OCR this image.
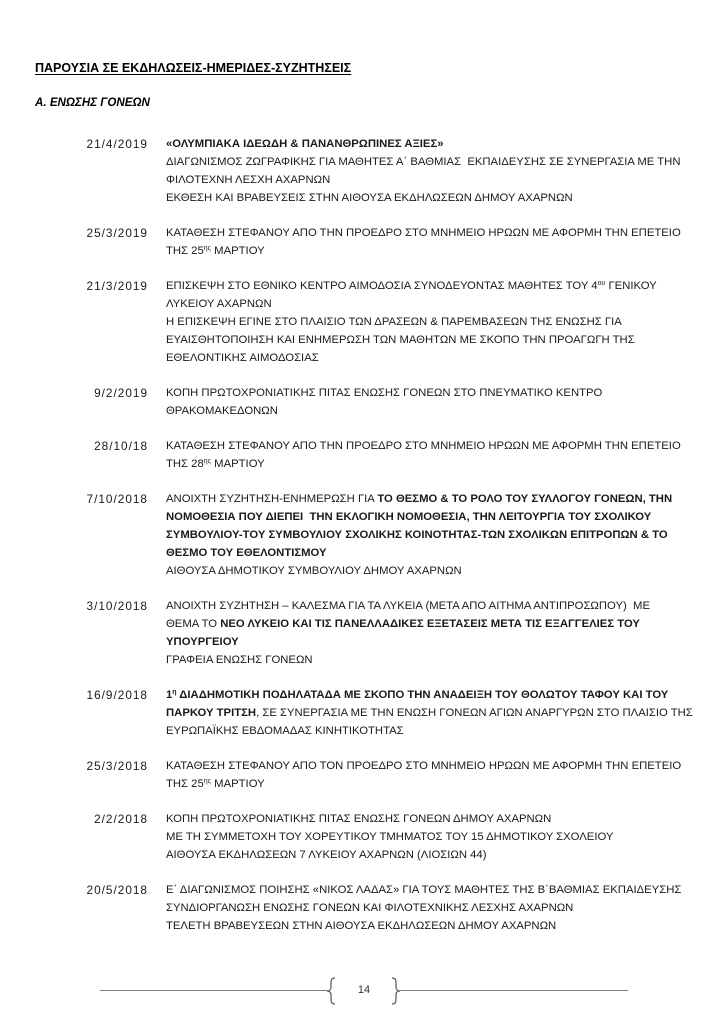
ΠΑΡΟΥΣΙΑ ΣΕ ΕΚΔΗΛΩΣΕΙΣ-ΗΜΕΡΙΔΕΣ-ΣΥΖΗΤΗΣΕΙΣ
Α. ΕΝΩΣΗΣ ΓΟΝΕΩΝ
21/4/2019 «ΟΛΥΜΠΙΑΚΑ ΙΔΕΩΔΗ & ΠΑΝΑΝΘΡΩΠΙΝΕΣ ΑΞΙΕΣ»
ΔΙΑΓΩΝΙΣΜΟΣ ΖΩΓΡΑΦΙΚΗΣ ΓΙΑ ΜΑΘΗΤΕΣ Α΄ ΒΑΘΜΙΑΣ  ΕΚΠΑΙΔΕΥΣΗΣ ΣΕ ΣΥΝΕΡΓΑΣΙΑ ΜΕ ΤΗΝ
ΦΙΛΟΤΕΧΝΗ ΛΕΣΧΗ ΑΧΑΡΝΩΝ
ΕΚΘΕΣΗ ΚΑΙ ΒΡΑΒΕΥΣΕΙΣ ΣΤΗΝ ΑΙΘΟΥΣΑ ΕΚΔΗΛΩΣΕΩΝ ΔΗΜΟΥ ΑΧΑΡΝΩΝ
25/3/2019 ΚΑΤΑΘΕΣΗ ΣΤΕΦΑΝΟΥ ΑΠΟ ΤΗΝ ΠΡΟΕΔΡΟ ΣΤΟ ΜΝΗΜΕΙΟ ΗΡΩΩΝ ΜΕ ΑΦΟΡΜΗ ΤΗΝ ΕΠΕΤΕΙΟ
ΤΗΣ $25^{\eta\varsigma}$ ΜΑΡΤΙΟΥ
21/3/2019 ΕΠΙΣΚΕΨΗ ΣΤΟ ΕΘΝΙΚΟ ΚΕΝΤΡΟ ΑΙΜΟΔΟΣΙΑ ΣΥΝΟΔΕΥΟΝΤΑΣ ΜΑΘΗΤΕΣ ΤΟΥ $4^{o\upsilon}$ ΓΕΝΙΚΟΥ
ΛΥΚΕΙΟΥ ΑΧΑΡΝΩΝ
Η ΕΠΙΣΚΕΨΗ ΕΓΙΝΕ ΣΤΟ ΠΛΑΙΣΙΟ ΤΩΝ ΔΡΑΣΕΩΝ & ΠΑΡΕΜΒΑΣΕΩΝ ΤΗΣ ΕΝΩΣΗΣ ΓΙΑ
ΕΥΑΙΣΘΗΤΟΠΟΙΗΣΗ ΚΑΙ ΕΝΗΜΕΡΩΣΗ ΤΩΝ ΜΑΘΗΤΩΝ ΜΕ ΣΚΟΠΟ ΤΗΝ ΠΡΟΑΓΩΓΗ ΤΗΣ
ΕΘΕΛΟΝΤΙΚΗΣ ΑΙΜΟΔΟΣΙΑΣ
9/2/2019 ΚΟΠΗ ΠΡΩΤΟΧΡΟΝΙΑΤΙΚΗΣ ΠΙΤΑΣ ΕΝΩΣΗΣ ΓΟΝΕΩΝ ΣΤΟ ΠΝΕΥΜΑΤΙΚΟ ΚΕΝΤΡΟ
ΘΡΑΚΟΜΑΚΕΔΟΝΩΝ
28/10/18 ΚΑΤΑΘΕΣΗ ΣΤΕΦΑΝΟΥ ΑΠΟ ΤΗΝ ΠΡΟΕΔΡΟ ΣΤΟ ΜΝΗΜΕΙΟ ΗΡΩΩΝ ΜΕ ΑΦΟΡΜΗ ΤΗΝ ΕΠΕΤΕΙΟ
ΤΗΣ $28^{\eta\varsigma}$ ΜΑΡΤΙΟΥ
7/10/2018 ΑΝΟΙΧΤΗ ΣΥΖΗΤΗΣΗ-ΕΝΗΜΕΡΩΣΗ ΓΙΑ ΤΟ ΘΕΣΜΟ & ΤΟ ΡΟΛΟ ΤΟΥ ΣΥΛΛΟΓΟΥ ΓΟΝΕΩΝ, ΤΗΝ
ΝΟΜΟΘΕΣΙΑ ΠΟΥ ΔΙΕΠΕΙ  ΤΗΝ ΕΚΛΟΓΙΚΗ ΝΟΜΟΘΕΣΙΑ, ΤΗΝ ΛΕΙΤΟΥΡΓΙΑ ΤΟΥ ΣΧΟΛΙΚΟΥ
ΣΥΜΒΟΥΛΙΟΥ-ΤΟΥ ΣΥΜΒΟΥΛΙΟΥ ΣΧΟΛΙΚΗΣ ΚΟΙΝΟΤΗΤΑΣ-ΤΩΝ ΣΧΟΛΙΚΩΝ ΕΠΙΤΡΟΠΩΝ & ΤΟ
ΘΕΣΜΟ ΤΟΥ ΕΘΕΛΟΝΤΙΣΜΟΥ
ΑΙΘΟΥΣΑ ΔΗΜΟΤΙΚΟΥ ΣΥΜΒΟΥΛΙΟΥ ΔΗΜΟΥ ΑΧΑΡΝΩΝ
3/10/2018 ΑΝΟΙΧΤΗ ΣΥΖΗΤΗΣΗ – ΚΑΛΕΣΜΑ ΓΙΑ ΤΑ ΛΥΚΕΙΑ (ΜΕΤΑ ΑΠΟ ΑΙΤΗΜΑ ΑΝΤΙΠΡΟΣΩΠΟΥ)  ΜΕ
ΘΕΜΑ ΤΟ ΝΕΟ ΛΥΚΕΙΟ ΚΑΙ ΤΙΣ ΠΑΝΕΛΛΑΔΙΚΕΣ ΕΞΕΤΑΣΕΙΣ ΜΕΤΑ ΤΙΣ ΕΞΑΓΓΕΛΙΕΣ ΤΟΥ
ΥΠΟΥΡΓΕΙΟΥ
ΓΡΑΦΕΙΑ ΕΝΩΣΗΣ ΓΟΝΕΩΝ
16/9/2018 $1^\eta$ ΔΙΑΔΗΜΟΤΙΚΗ ΠΟΔΗΛΑΤΑΔΑ ΜΕ ΣΚΟΠΟ ΤΗΝ ΑΝΑΔΕΙΞΗ ΤΟΥ ΘΟΛΩΤΟΥ ΤΑΦΟΥ ΚΑΙ ΤΟΥ
ΠΑΡΚΟΥ ΤΡΙΤΣΗ, ΣΕ ΣΥΝΕΡΓΑΣΙΑ ΜΕ ΤΗΝ ΕΝΩΣΗ ΓΟΝΕΩΝ ΑΓΙΩΝ ΑΝΑΡΓΥΡΩΝ ΣΤΟ ΠΛΑΙΣΙΟ ΤΗΣ
ΕΥΡΩΠΑΪΚΗΣ ΕΒΔΟΜΑΔΑΣ ΚΙΝΗΤΙΚΟΤΗΤΑΣ
25/3/2018 ΚΑΤΑΘΕΣΗ ΣΤΕΦΑΝΟΥ ΑΠΟ ΤΟΝ ΠΡΟΕΔΡΟ ΣΤΟ ΜΝΗΜΕΙΟ ΗΡΩΩΝ ΜΕ ΑΦΟΡΜΗ ΤΗΝ ΕΠΕΤΕΙΟ
ΤΗΣ $25^{\eta\varsigma}$ ΜΑΡΤΙΟΥ
2/2/2018 ΚΟΠΗ ΠΡΩΤΟΧΡΟΝΙΑΤΙΚΗΣ ΠΙΤΑΣ ΕΝΩΣΗΣ ΓΟΝΕΩΝ ΔΗΜΟΥ ΑΧΑΡΝΩΝ
ΜΕ ΤΗ ΣΥΜΜΕΤΟΧΗ ΤΟΥ ΧΟΡΕΥΤΙΚΟΥ ΤΜΗΜΑΤΟΣ ΤΟΥ 15 ΔΗΜΟΤΙΚΟΥ ΣΧΟΛΕΙΟΥ
ΑΙΘΟΥΣΑ ΕΚΔΗΛΩΣΕΩΝ 7 ΛΥΚΕΙΟΥ ΑΧΑΡΝΩΝ (ΛΙΟΣΙΩΝ 44)
20/5/2018 Ε΄ ΔΙΑΓΩΝΙΣΜΟΣ ΠΟΙΗΣΗΣ «ΝΙΚΟΣ ΛΑΔΑΣ» ΓΙΑ ΤΟΥΣ ΜΑΘΗΤΕΣ ΤΗΣ Β΄ΒΑΘΜΙΑΣ ΕΚΠΑΙΔΕΥΣΗΣ
ΣΥΝΔΙΟΡΓΑΝΩΣΗ ΕΝΩΣΗΣ ΓΟΝΕΩΝ ΚΑΙ ΦΙΛΟΤΕΧΝΙΚΗΣ ΛΕΣΧΗΣ ΑΧΑΡΝΩΝ
ΤΕΛΕΤΗ ΒΡΑΒΕΥΣΕΩΝ ΣΤΗΝ ΑΙΘΟΥΣΑ ΕΚΔΗΛΩΣΕΩΝ ΔΗΜΟΥ ΑΧΑΡΝΩΝ
14
